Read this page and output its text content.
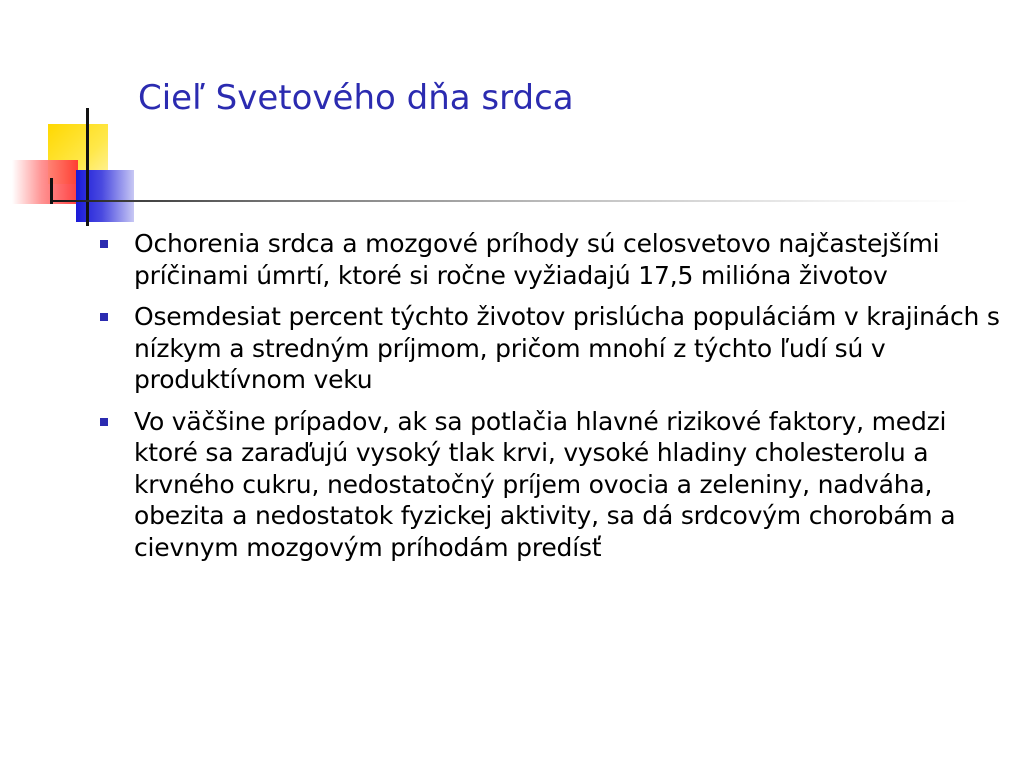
Cieľ Svetového dňa srdca
Ochorenia srdca a mozgové príhody sú celosvetovo najčastejšími príčinami úmrtí, ktoré si ročne vyžiadajú 17,5 milióna životov
Osemdesiat percent týchto životov prislúcha populáciám v krajinách s nízkym a stredným príjmom, pričom mnohí z týchto ľudí sú v produktívnom veku
Vo väčšine prípadov, ak sa potlačia hlavné rizikové faktory, medzi ktoré sa zaraďujú vysoký tlak krvi, vysoké hladiny cholesterolu a krvného cukru, nedostatočný príjem ovocia a zeleniny, nadváha, obezita a nedostatok fyzickej aktivity, sa dá srdcovým chorobám a cievnym mozgovým príhodám predísť
